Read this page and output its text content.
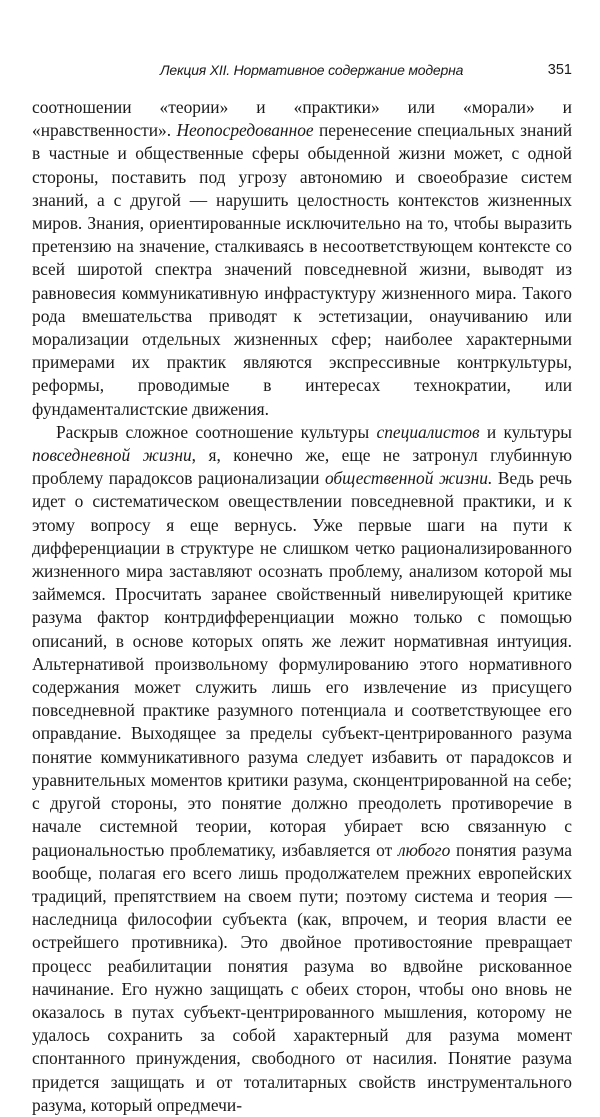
Лекция XII. Нормативное содержание модерна	351

соотношении «теории» и «практики» или «морали» и «нравственности». Неопосредованное перенесение специальных знаний в частные и общественные сферы обыденной жизни может, с одной стороны, поставить под угрозу автономию и своеобразие систем знаний, а с другой — нарушить целостность контекстов жизненных миров. Знания, ориентированные исключительно на то, чтобы выразить претензию на значение, сталкиваясь в несоответствующем контексте со всей широтой спектра значений повседневной жизни, выводят из равновесия коммуникативную инфрастуктуру жизненного мира. Такого рода вмешательства приводят к эстетизации, онаучиванию или морализации отдельных жизненных сфер; наиболее характерными примерами их практик являются экспрессивные контркультуры, реформы, проводимые в интересах технократии, или фундаменталистские движения.

Раскрыв сложное соотношение культуры специалистов и культуры повседневной жизни, я, конечно же, еще не затронул глубинную проблему парадоксов рационализации общественной жизни. Ведь речь идет о систематическом овеществлении повседневной практики, и к этому вопросу я еще вернусь. Уже первые шаги на пути к дифференциации в структуре не слишком четко рационализированного жизненного мира заставляют осознать проблему, анализом которой мы займемся. Просчитать заранее свойственный нивелирующей критике разума фактор контрдифференциации можно только с помощью описаний, в основе которых опять же лежит нормативная интуиция. Альтернативой произвольному формулированию этого нормативного содержания может служить лишь его извлечение из присущего повседневной практике разумного потенциала и соответствующее его оправдание. Выходящее за пределы субъект-центрированного разума понятие коммуникативного разума следует избавить от парадоксов и уравнительных моментов критики разума, сконцентрированной на себе; с другой стороны, это понятие должно преодолеть противоречие в начале системной теории, которая убирает всю связанную с рациональностью проблематику, избавляется от любого понятия разума вообще, полагая его всего лишь продолжателем прежних европейских традиций, препятствием на своем пути; поэтому система и теория — наследница философии субъекта (как, впрочем, и теория власти ее острейшего противника). Это двойное противостояние превращает процесс реабилитации понятия разума во вдвойне рискованное начинание. Его нужно защищать с обеих сторон, чтобы оно вновь не оказалось в путах субъект-центрированного мышления, которому не удалось сохранить за собой характерный для разума момент спонтанного принуждения, свободного от насилия. Понятие разума придется защищать и от тоталитарных свойств инструментального разума, который опредмечи-
